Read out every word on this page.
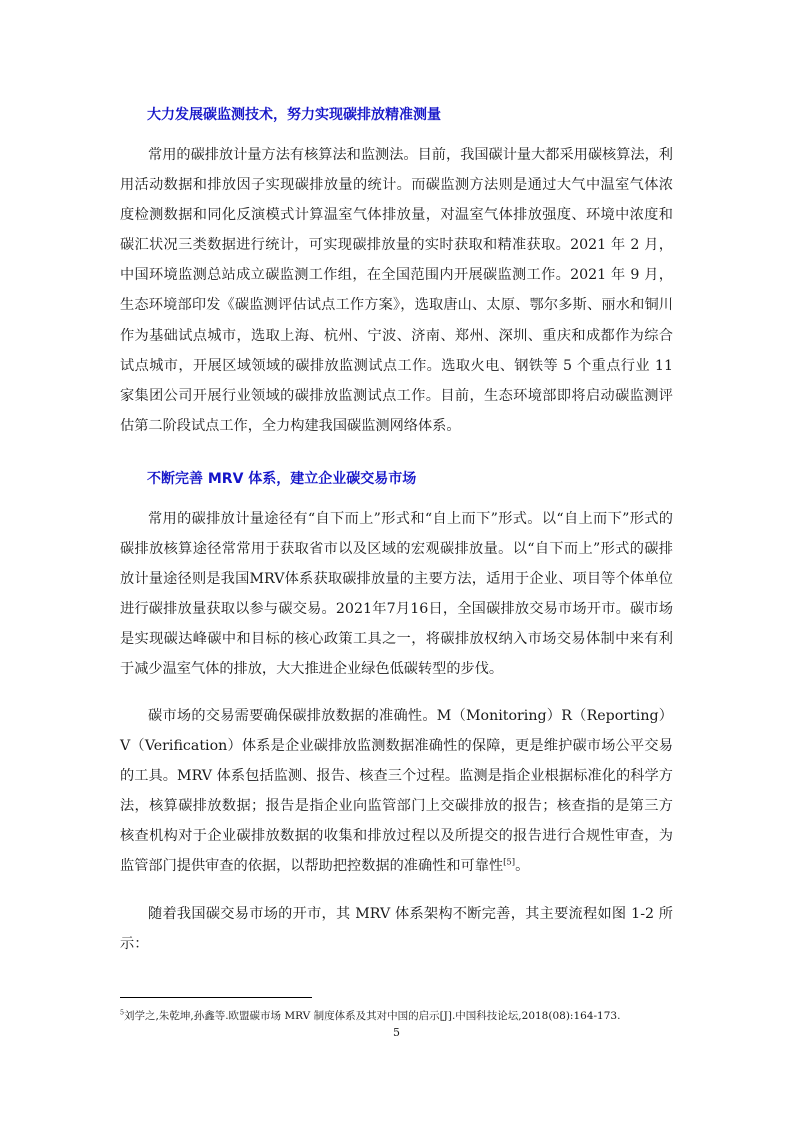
大力发展碳监测技术，努力实现碳排放精准测量

常用的碳排放计量方法有核算法和监测法。目前，我国碳计量大都采用碳核算法，利用活动数据和排放因子实现碳排放量的统计。而碳监测方法则是通过大气中温室气体浓度检测数据和同化反演模式计算温室气体排放量，对温室气体排放强度、环境中浓度和碳汇状况三类数据进行统计，可实现碳排放量的实时获取和精准获取。2021 年 2 月，中国环境监测总站成立碳监测工作组，在全国范围内开展碳监测工作。2021 年 9 月，生态环境部印发《碳监测评估试点工作方案》，选取唐山、太原、鄂尔多斯、丽水和铜川作为基础试点城市，选取上海、杭州、宁波、济南、郑州、深圳、重庆和成都作为综合试点城市，开展区域领域的碳排放监测试点工作。选取火电、钢铁等 5 个重点行业 11 家集团公司开展行业领域的碳排放监测试点工作。目前，生态环境部即将启动碳监测评估第二阶段试点工作，全力构建我国碳监测网络体系。

不断完善 MRV 体系，建立企业碳交易市场

常用的碳排放计量途径有“自下而上”形式和“自上而下”形式。以“自上而下”形式的碳排放核算途径常常用于获取省市以及区域的宏观碳排放量。以“自下而上”形式的碳排放计量途径则是我国MRV体系获取碳排放量的主要方法，适用于企业、项目等个体单位进行碳排放量获取以参与碳交易。2021年7月16日，全国碳排放交易市场开市。碳市场是实现碳达峰碳中和目标的核心政策工具之一，将碳排放权纳入市场交易体制中来有利于减少温室气体的排放，大大推进企业绿色低碳转型的步伐。

碳市场的交易需要确保碳排放数据的准确性。M（Monitoring）R（Reporting）V（Verification）体系是企业碳排放监测数据准确性的保障，更是维护碳市场公平交易的工具。MRV 体系包括监测、报告、核查三个过程。监测是指企业根据标准化的科学方法，核算碳排放数据；报告是指企业向监管部门上交碳排放的报告；核查指的是第三方核查机构对于企业碳排放数据的收集和排放过程以及所提交的报告进行合规性审查，为监管部门提供审查的依据，以帮助把控数据的准确性和可靠性[5]。

随着我国碳交易市场的开市，其 MRV 体系架构不断完善，其主要流程如图 1-2 所示：

$^5$刘学之,朱乾坤,孙鑫等.欧盟碳市场 MRV 制度体系及其对中国的启示[J].中国科技论坛,2018(08):164-173.
5
